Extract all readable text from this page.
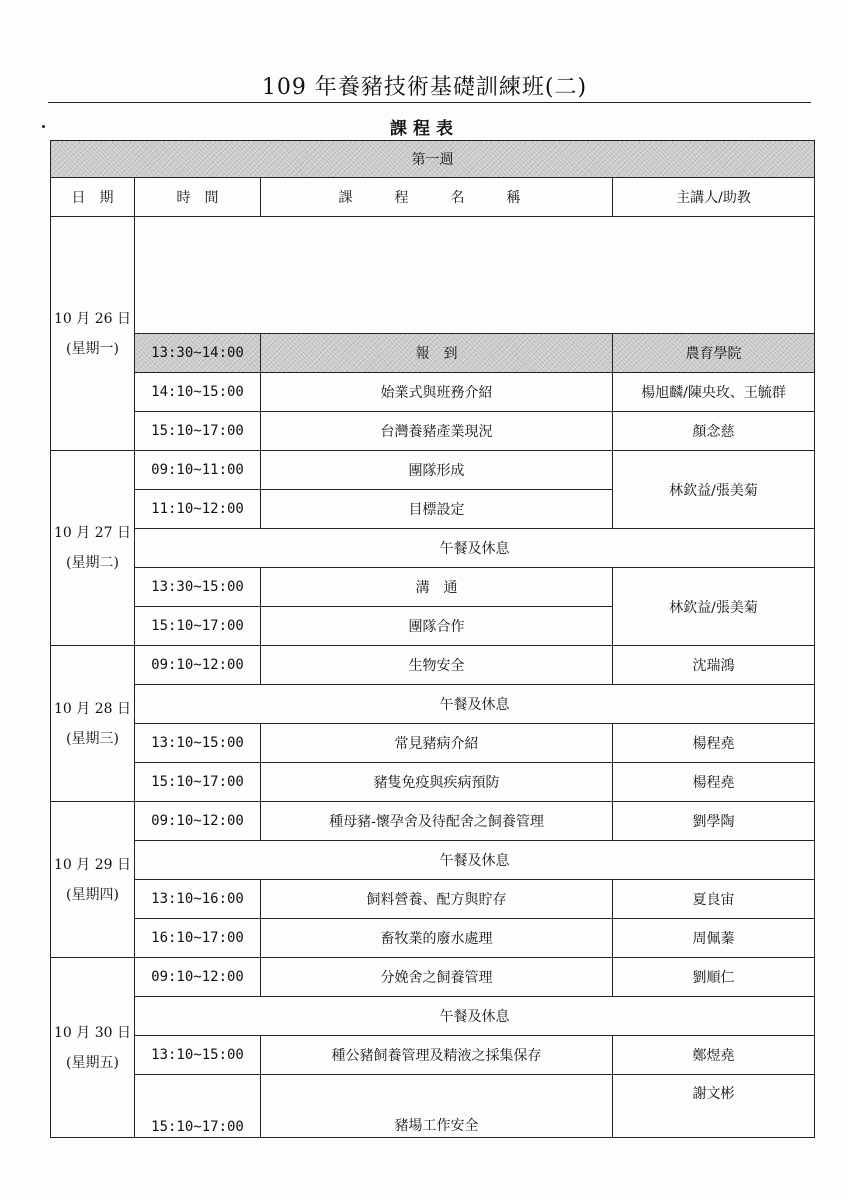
109 年養豬技術基礎訓練班(二)
課程表
第一週			
日　期	時　間	課　程　名　稱	主講人/助教

10 月 26 日
(星期一)			

	13:30~14:00	報　到	農育學院
	14:10~15:00	始業式與班務介紹	楊旭麟/陳央玫、王毓群
	15:10~17:00	台灣養豬產業現況	顏念慈

10 月 27 日
(星期二)	09:10~11:00	團隊形成	林欽益/張美菊
	11:10~12:00	目標設定	
	午餐及休息		
	13:30~15:00	溝　通	林欽益/張美菊
	15:10~17:00	團隊合作	

10 月 28 日
(星期三)	09:10~12:00	生物安全	沈瑞鴻
	午餐及休息		
	13:10~15:00	常見豬病介紹	楊程堯
	15:10~17:00	豬隻免疫與疾病預防	楊程堯

10 月 29 日
(星期四)	09:10~12:00	種母豬-懷孕舍及待配舍之飼養管理	劉學陶
	午餐及休息		
	13:10~16:00	飼料營養、配方與貯存	夏良宙
	16:10~17:00	畜牧業的廢水處理	周佩蓁

10 月 30 日
(星期五)	09:10~12:00	分娩舍之飼養管理	劉順仁
	午餐及休息		
	13:10~15:00	種公豬飼養管理及精液之採集保存	鄭煜堯
	15:10~17:00	豬場工作安全	謝文彬
